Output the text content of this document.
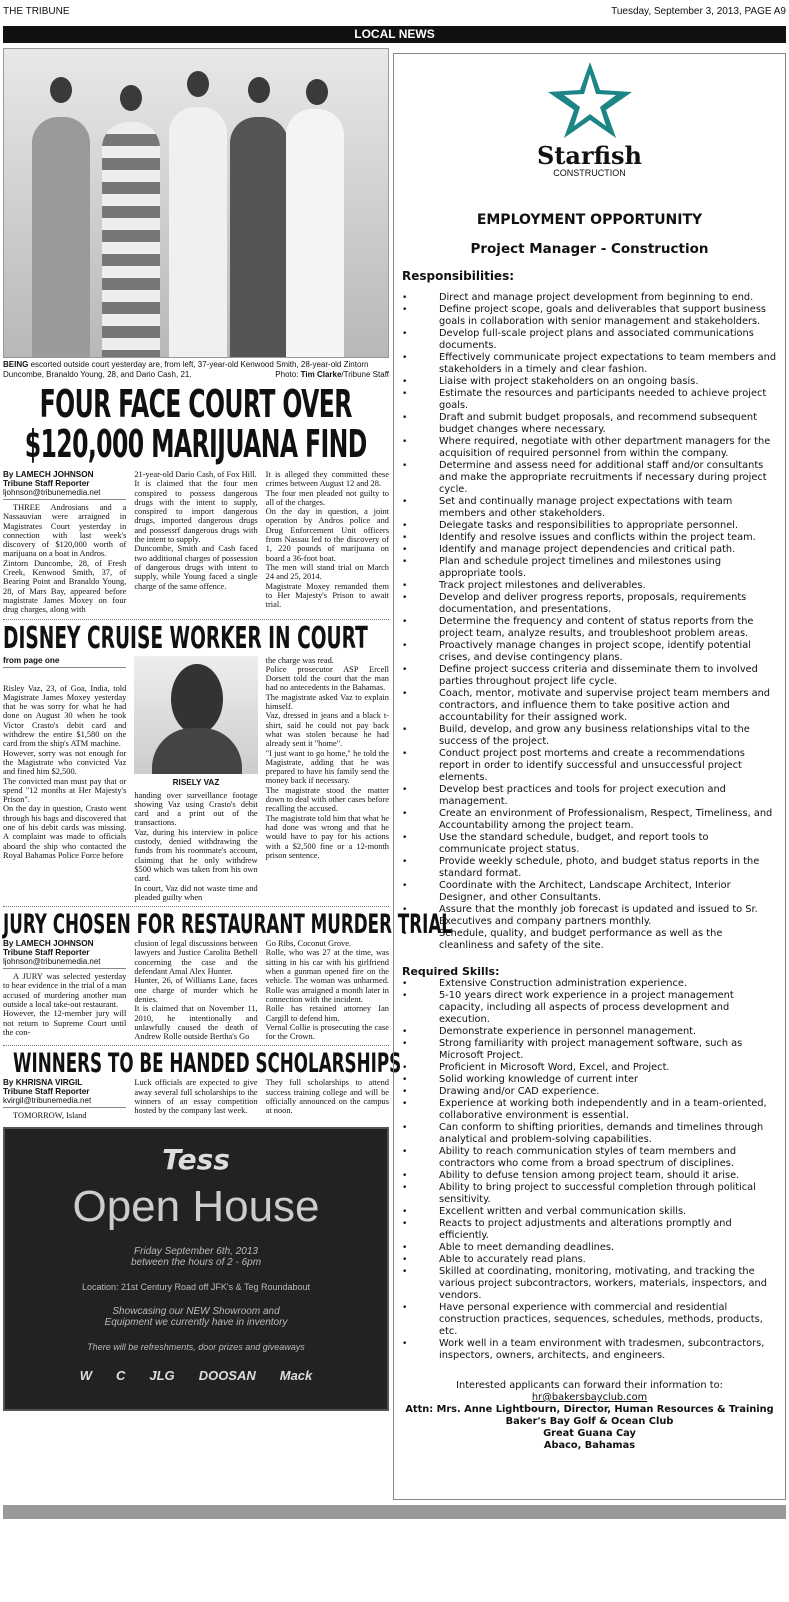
THE TRIBUNE	Tuesday, September 3, 2013, PAGE A9
LOCAL NEWS
BEING escorted outside court yesterday are, from left, 37-year-old Kenwood Smith, 28-year-old Zintorn Duncombe, Branaldo Young, 28, and Dario Cash, 21.	Photo: Tim Clarke/Tribune Staff
FOUR FACE COURT OVER $120,000 MARIJUANA FIND
By LAMECH JOHNSON
Tribune Staff Reporter
ljohnson@tribunemedia.net

THREE Androsians and a Nassauvian were arraigned in Magistrates Court yesterday in connection with last week's discovery of $120,000 worth of marijuana on a boat in Andros.
Zintorn Duncombe, 28, of Fresh Creek, Kenwood Smith, 37, of Bearing Point and Branaldo Young, 28, of Mars Bay, appeared before magistrate James Moxey on four drug charges, along with

21-year-old Dario Cash, of Fox Hill.
It is claimed that the four men conspired to possess dangerous drugs with the intent to supply, conspired to import dangerous drugs, imported dangerous drugs and possessrf dangerous drugs with the intent to supply.
Duncombe, Smith and Cash faced two additional charges of possession of dangerous drugs with intent to supply, while Young faced a single charge of the same offence.

It is alleged they committed these crimes between August 12 and 28.
The four men pleaded not guilty to all of the charges.
On the day in question, a joint operation by Andros police and Drug Enforcement Unit officers from Nassau led to the discovery of 1, 220 pounds of marijuana on board a 36-foot boat.
The men will stand trial on March 24 and 25, 2014.
Magistrate Moxey remanded them to Her Majesty's Prison to await trial.

DISNEY CRUISE WORKER IN COURT
from page one

Risley Vaz, 23, of Goa, India, told Magistrate James Moxey yesterday that he was sorry for what he had done on August 30 when he took Victor Crasto's debit card and withdrew the entire $1,580 on the card from the ship's ATM machine.
However, sorry was not enough for the Magistrate who convicted Vaz and fined him $2,500.
The convicted man must pay that or spend "12 months at Her Majesty's Prison".
On the day in question, Crasto went through his bags and discovered that one of his debit cards was missing. A complaint was made to officials aboard the ship who contacted the Royal Bahamas Police Force before

RISELY VAZ

handing over surveillance footage showing Vaz using Crasto's debit card and a print out of the transactions.
Vaz, during his interview in police custody, denied withdrawing the funds from his roommate's account, claiming that he only withdrew $500 which was taken from his own card.
In court, Vaz did not waste time and pleaded guilty when

the charge was read.
Police prosecutor ASP Ercell Dorsett told the court that the man had no antecedents in the Bahamas.
The magistrate asked Vaz to explain himself.
Vaz, dressed in jeans and a black t-shirt, said he could not pay back what was stolen because he had already sent it "home".
"I just want to go home," he told the Magistrate, adding that he was prepared to have his family send the money back if necessary.
The magistrate stood the matter down to deal with other cases before recalling the accused.
The magistrate told him that what he had done was wrong and that he would have to pay for his actions with a $2,500 fine or a 12-month prison sentence.

JURY CHOSEN FOR RESTAURANT MURDER TRIAL
By LAMECH JOHNSON
Tribune Staff Reporter
ljohnson@tribunemedia.net

A JURY was selected yesterday to hear evidence in the trial of a man accused of murdering another man outside a local take-out restaurant.
However, the 12-member jury will not return to Supreme Court until the con-

clusion of legal discussions between lawyers and Justice Carolita Bethell concerning the case and the defendant Amal Alex Hunter.
Hunter, 26, of Williams Lane, faces one charge of murder which he denies.
It is claimed that on November 11, 2010, he intentionally and unlawfully caused the death of Andrew Rolle outside Bertha's Go

Go Ribs, Coconut Grove.
Rolle, who was 27 at the time, was sitting in his car with his girlfriend when a gunman opened fire on the vehicle. The woman was unharmed. Rolle was arraigned a month later in connection with the incident.
Rolle has retained attorney Ian Cargill to defend him.
Vernal Collie is prosecuting the case for the Crown.

WINNERS TO BE HANDED SCHOLARSHIPS
By KHRISNA VIRGIL
Tribune Staff Reporter
kvirgil@tribunemedia.net

TOMORROW, Island

Luck officials are expected to give away several full scholarships to the winners of an essay competition hosted by the company last week.

They full scholarships to attend success training college and will be officially announced on the campus at noon.

Tess
Open House
Friday September 6th, 2013
between the hours of 2 - 6pm
Location: 21st Century Road off JFK's & Teg Roundabout
Showcasing our NEW Showroom and
Equipment we currently have in inventory
There will be refreshments, door prizes and giveaways
W C JLG DOOSAN Mack
Starfish
CONSTRUCTION
EMPLOYMENT OPPORTUNITY
Project Manager - Construction
Responsibilities:
• Direct and manage project development from beginning to end.
• Define project scope, goals and deliverables that support business goals in collaboration with senior management and stakeholders.
• Develop full-scale project plans and associated communications documents.
• Effectively communicate project expectations to team members and stakeholders in a timely and clear fashion.
• Liaise with project stakeholders on an ongoing basis.
• Estimate the resources and participants needed to achieve project goals.
• Draft and submit budget proposals, and recommend subsequent budget changes where necessary.
• Where required, negotiate with other department managers for the acquisition of required personnel from within the company.
• Determine and assess need for additional staff and/or consultants and make the appropriate recruitments if necessary during project cycle.
• Set and continually manage project expectations with team members and other stakeholders.
• Delegate tasks and responsibilities to appropriate personnel.
• Identify and resolve issues and conflicts within the project team.
• Identify and manage project dependencies and critical path.
• Plan and schedule project timelines and milestones using appropriate tools.
• Track project milestones and deliverables.
• Develop and deliver progress reports, proposals, requirements documentation, and presentations.
• Determine the frequency and content of status reports from the project team, analyze results, and troubleshoot problem areas.
• Proactively manage changes in project scope, identify potential crises, and devise contingency plans.
• Define project success criteria and disseminate them to involved parties throughout project life cycle.
• Coach, mentor, motivate and supervise project team members and contractors, and influence them to take positive action and accountability for their assigned work.
• Build, develop, and grow any business relationships vital to the success of the project.
• Conduct project post mortems and create a recommendations report in order to identify successful and unsuccessful project elements.
• Develop best practices and tools for project execution and management.
• Create an environment of Professionalism, Respect, Timeliness, and Accountability among the project team.
• Use the standard schedule, budget, and report tools to communicate project status.
• Provide weekly schedule, photo, and budget status reports in the standard format.
• Coordinate with the Architect, Landscape Architect, Interior Designer, and other Consultants.
• Assure that the monthly job forecast is updated and issued to Sr. Executives and company partners monthly.
• Schedule, quality, and budget performance as well as the cleanliness and safety of the site.
Required Skills:
• Extensive Construction administration experience.
• 5-10 years direct work experience in a project management capacity, including all aspects of process development and execution.
• Demonstrate experience in personnel management.
• Strong familiarity with project management software, such as Microsoft Project.
• Proficient in Microsoft Word, Excel, and Project.
• Solid working knowledge of current inter
• Drawing and/or CAD experience.
• Experience at working both independently and in a team-oriented, collaborative environment is essential.
• Can conform to shifting priorities, demands and timelines through analytical and problem-solving capabilities.
• Ability to reach communication styles of team members and contractors who come from a broad spectrum of disciplines.
• Ability to defuse tension among project team, should it arise.
• Ability to bring project to successful completion through political sensitivity.
• Excellent written and verbal communication skills.
• Reacts to project adjustments and alterations promptly and efficiently.
• Able to meet demanding deadlines.
• Able to accurately read plans.
• Skilled at coordinating, monitoring, motivating, and tracking the various project subcontractors, workers, materials, inspectors, and vendors.
• Have personal experience with commercial and residential construction practices, sequences, schedules, methods, products, etc.
• Work well in a team environment with tradesmen, subcontractors, inspectors, owners, architects, and engineers.
Interested applicants can forward their information to:
hr@bakersbayclub.com
Attn: Mrs. Anne Lightbourn, Director, Human Resources & Training
Baker's Bay Golf & Ocean Club
Great Guana Cay
Abaco, Bahamas
